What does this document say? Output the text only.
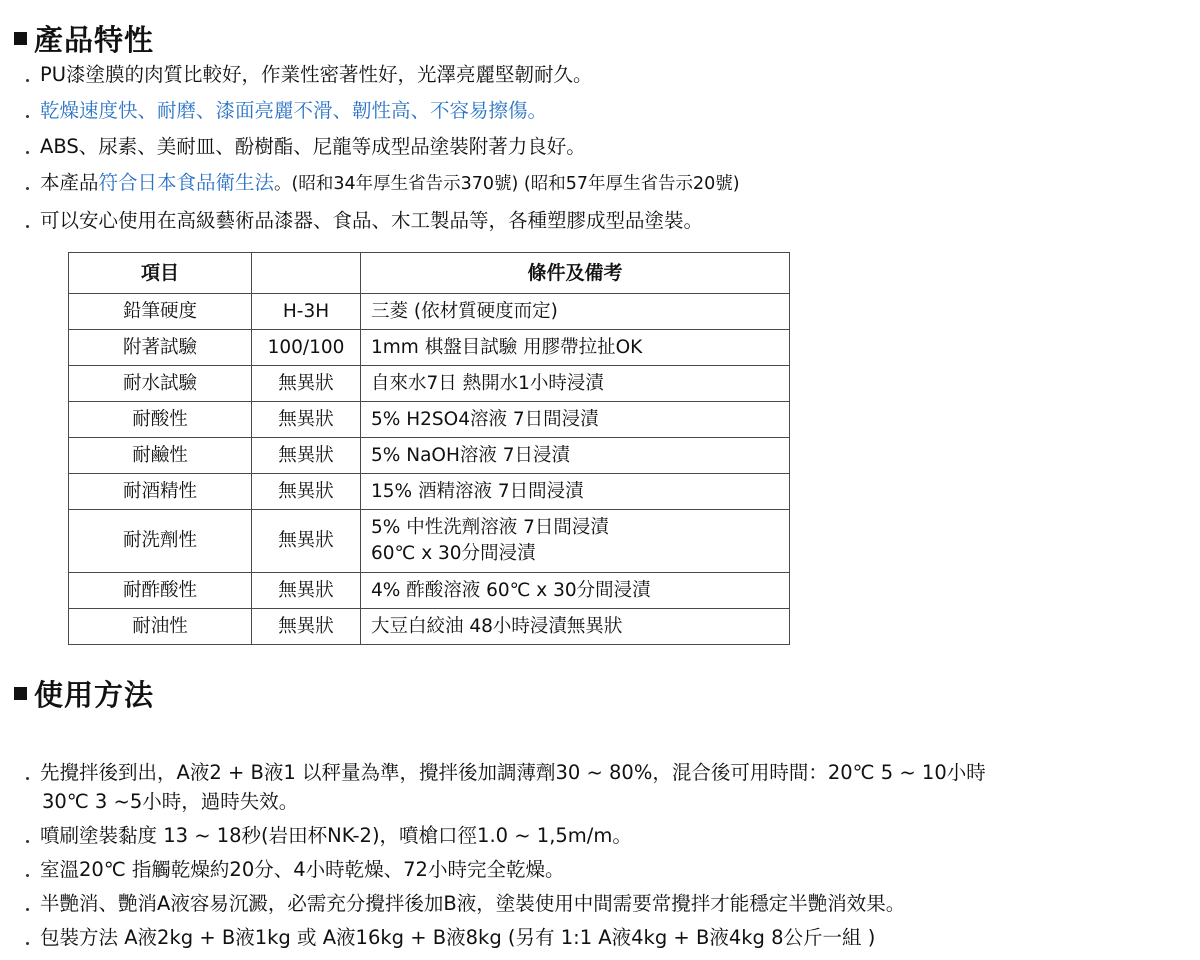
產品特性
PU漆塗膜的肉質比較好，作業性密著性好，光澤亮麗堅韌耐久。
乾燥速度快、耐磨、漆面亮麗不滑、韌性高、不容易擦傷。
ABS、尿素、美耐皿、酚樹酯、尼龍等成型品塗裝附著力良好。
本產品符合日本食品衛生法。(昭和34年厚生省告示370號) (昭和57年厚生省告示20號)
可以安心使用在高級藝術品漆器、食品、木工製品等，各種塑膠成型品塗裝。
項目		條件及備考
鉛筆硬度	H-3H	三菱 (依材質硬度而定)
附著試驗	100/100	1mm 棋盤目試驗 用膠帶拉扯OK
耐水試驗	無異狀	自來水7日 熱開水1小時浸漬
耐酸性	無異狀	5% H2SO4溶液 7日間浸漬
耐鹼性	無異狀	5% NaOH溶液 7日浸漬
耐酒精性	無異狀	15% 酒精溶液 7日間浸漬
耐洗劑性	無異狀	5% 中性洗劑溶液 7日間浸漬
60℃ x 30分間浸漬

耐酢酸性	無異狀	4% 酢酸溶液 60℃ x 30分間浸漬
耐油性	無異狀	大豆白絞油 48小時浸漬無異狀
使用方法
先攪拌後到出，A液2 + B液1 以秤量為準，攪拌後加調薄劑30 ~ 80%，混合後可用時間：20℃ 5 ~ 10小時
30℃ 3 ~5小時，過時失效。
噴刷塗裝黏度 13 ~ 18秒(岩田杯NK-2)，噴槍口徑1.0 ~ 1,5m/m。
室溫20℃ 指觸乾燥約20分、4小時乾燥、72小時完全乾燥。
半艷消、艷消A液容易沉澱，必需充分攪拌後加B液，塗裝使用中間需要常攪拌才能穩定半艷消效果。
包裝方法 A液2kg + B液1kg 或 A液16kg + B液8kg (另有 1:1 A液4kg + B液4kg 8公斤一組 )
